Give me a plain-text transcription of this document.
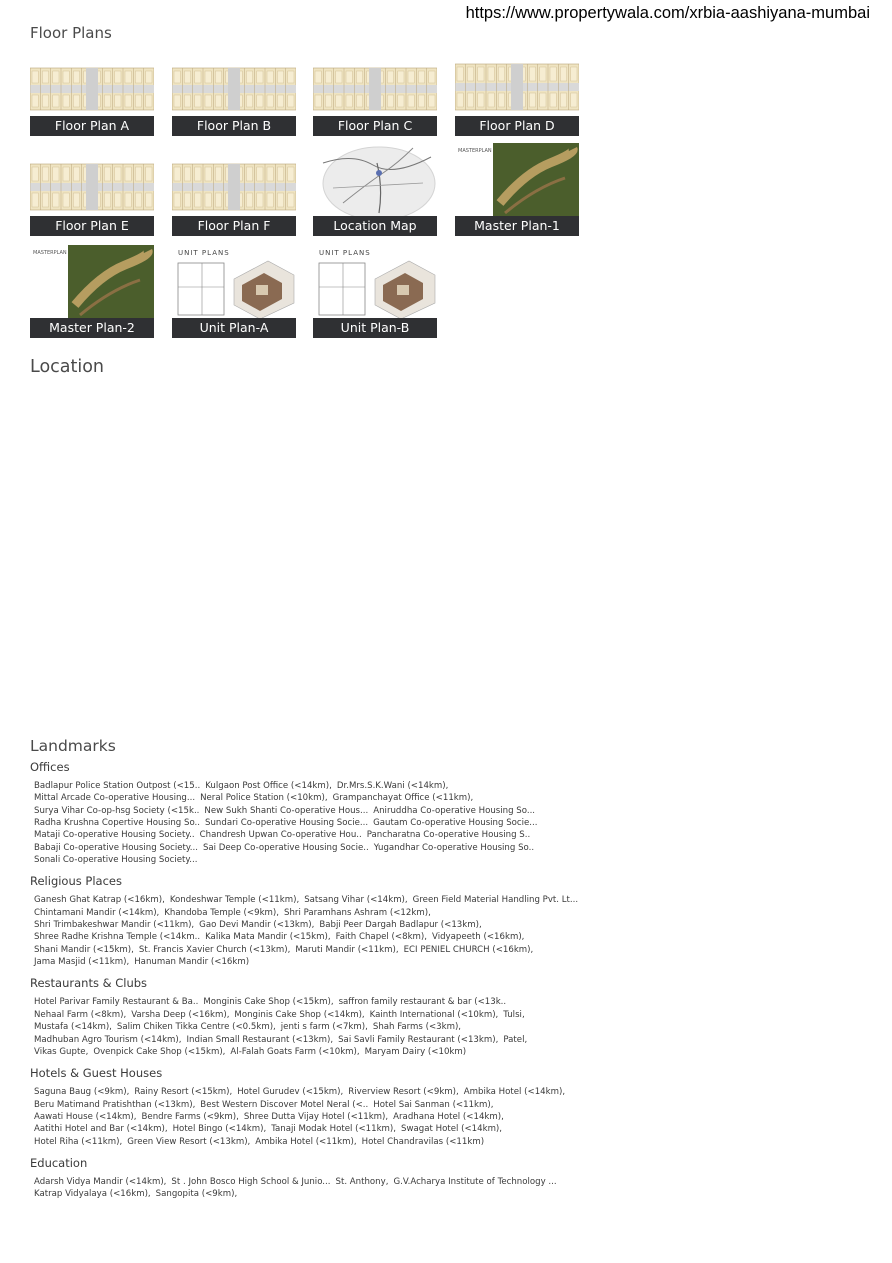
https://www.propertywala.com/xrbia-aashiyana-mumbai
Floor Plans
Floor Plan A	Floor Plan B	Floor Plan C	Floor Plan D
Floor Plan E	Floor Plan F	Location Map
MASTERPLAN
Master Plan-1
MASTERPLAN
Master Plan-2
UNIT PLANS
Unit Plan-A
UNIT PLANS
Unit Plan-B
Location
Landmarks
Offices
Badlapur Police Station Outpost (<15.. Kulgaon Post Office (<14km), Dr.Mrs.S.K.Wani (<14km),
Mittal Arcade Co-operative Housing... Neral Police Station (<10km), Grampanchayat Office (<11km),
Surya Vihar Co-op-hsg Society (<15k.. New Sukh Shanti Co-operative Hous... Aniruddha Co-operative Housing So...
Radha Krushna Copertive Housing So.. Sundari Co-operative Housing Socie... Gautam Co-operative Housing Socie...
Mataji Co-operative Housing Society.. Chandresh Upwan Co-operative Hou.. Pancharatna Co-operative Housing S..
Babaji Co-operative Housing Society... Sai Deep Co-operative Housing Socie.. Yugandhar Co-operative Housing So..
Sonali Co-operative Housing Society...
Religious Places
Ganesh Ghat Katrap (<16km), Kondeshwar Temple (<11km), Satsang Vihar (<14km), Green Field Material Handling Pvt. Lt...
Chintamani Mandir (<14km), Khandoba Temple (<9km), Shri Paramhans Ashram (<12km),
Shri Trimbakeshwar Mandir (<11km), Gao Devi Mandir (<13km), Babji Peer Dargah Badlapur (<13km),
Shree Radhe Krishna Temple (<14km.. Kalika Mata Mandir (<15km), Faith Chapel (<8km), Vidyapeeth (<16km),
Shani Mandir (<15km), St. Francis Xavier Church (<13km), Maruti Mandir (<11km), ECI PENIEL CHURCH (<16km),
Jama Masjid (<11km), Hanuman Mandir (<16km)
Restaurants & Clubs
Hotel Parivar Family Restaurant & Ba.. Monginis Cake Shop (<15km), saffron family restaurant & bar (<13k..
Nehaal Farm (<8km), Varsha Deep (<16km), Monginis Cake Shop (<14km), Kainth International (<10km), Tulsi,
Mustafa (<14km), Salim Chiken Tikka Centre (<0.5km), jenti s farm (<7km), Shah Farms (<3km),
Madhuban Agro Tourism (<14km), Indian Small Restaurant (<13km), Sai Savli Family Restaurant (<13km), Patel,
Vikas Gupte, Ovenpick Cake Shop (<15km), Al-Falah Goats Farm (<10km), Maryam Dairy (<10km)
Hotels & Guest Houses
Saguna Baug (<9km), Rainy Resort (<15km), Hotel Gurudev (<15km), Riverview Resort (<9km), Ambika Hotel (<14km),
Beru Matimand Pratishthan (<13km), Best Western Discover Motel Neral (<.. Hotel Sai Sanman (<11km),
Aawati House (<14km), Bendre Farms (<9km), Shree Dutta Vijay Hotel (<11km), Aradhana Hotel (<14km),
Aatithi Hotel and Bar (<14km), Hotel Bingo (<14km), Tanaji Modak Hotel (<11km), Swagat Hotel (<14km),
Hotel Riha (<11km), Green View Resort (<13km), Ambika Hotel (<11km), Hotel Chandravilas (<11km)
Education
Adarsh Vidya Mandir (<14km), St . John Bosco High School & Junio... St. Anthony, G.V.Acharya Institute of Technology ...
Katrap Vidyalaya (<16km), Sangopita (<9km),
